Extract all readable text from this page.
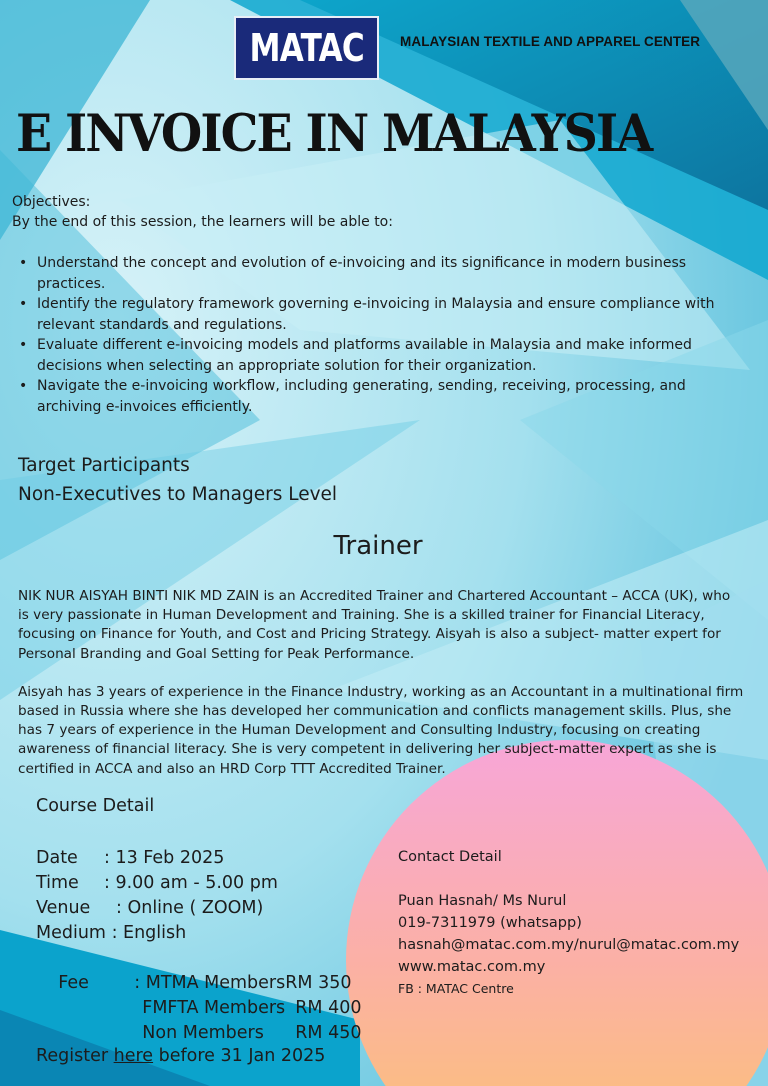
MATAC	MALAYSIAN TEXTILE AND APPAREL CENTER
E INVOICE IN MALAYSIA
Objectives:
By the end of this session, the learners will be able to:
• Understand the concept and evolution of e-invoicing and its significance in modern business
practices.
• Identify the regulatory framework governing e-invoicing in Malaysia and ensure compliance with
relevant standards and regulations.
• Evaluate different e-invoicing models and platforms available in Malaysia and make informed
decisions when selecting an appropriate solution for their organization.
• Navigate the e-invoicing workflow, including generating, sending, receiving, processing, and
archiving e-invoices efficiently.
Target Participants
Non-Executives to Managers Level
Trainer

NIK NUR AISYAH BINTI NIK MD ZAIN is an Accredited Trainer and Chartered Accountant – ACCA (UK), who
is very passionate in Human Development and Training. She is a skilled trainer for Financial Literacy,
focusing on Finance for Youth, and Cost and Pricing Strategy. Aisyah is also a subject- matter expert for
Personal Branding and Goal Setting for Peak Performance.

Aisyah has 3 years of experience in the Finance Industry, working as an Accountant in a multinational firm
based in Russia where she has developed her communication and conflicts management skills. Plus, she
has 7 years of experience in the Human Development and Consulting Industry, focusing on creating
awareness of financial literacy. She is very competent in delivering her subject-matter expert as she is
certified in ACCA and also an HRD Corp TTT Accredited Trainer.

Course Detail
Date : 13 Feb 2025
Time : 9.00 am - 5.00 pm
Venue : Online ( ZOOM)
Medium : English

Fee	: MTMA MembersRM 350

FMFTA Members RM 400

Non Members RM 450

Register here before 31 Jan 2025
Contact Detail
Puan Hasnah/ Ms Nurul
019-7311979 (whatsapp)
hasnah@matac.com.my/nurul@matac.com.my
www.matac.com.my
FB : MATAC Centre
